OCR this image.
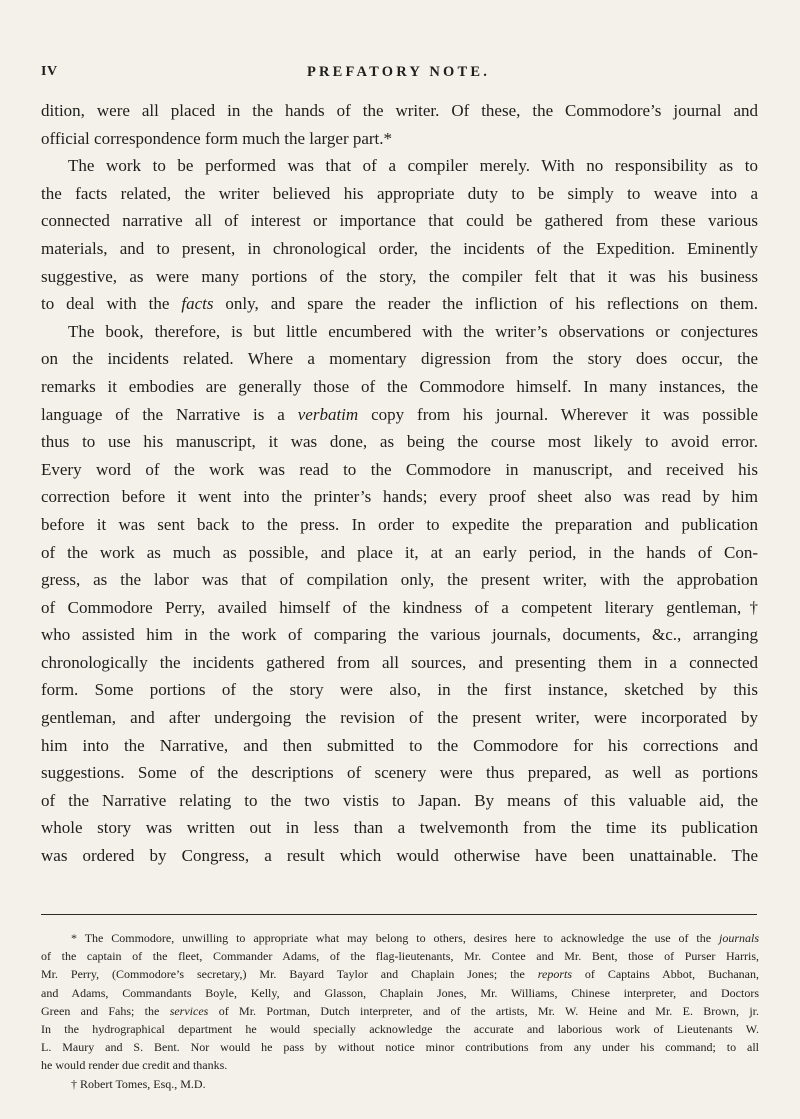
IV	PREFATORY NOTE.
dition, were all placed in the hands of the writer. Of these, the Commodore’s journal and
official correspondence form much the larger part.*
The work to be performed was that of a compiler merely. With no responsibility as to
the facts related, the writer believed his appropriate duty to be simply to weave into a
connected narrative all of interest or importance that could be gathered from these various
materials, and to present, in chronological order, the incidents of the Expedition. Eminently
suggestive, as were many portions of the story, the compiler felt that it was his business
to deal with the facts only, and spare the reader the infliction of his reflections on them.
The book, therefore, is but little encumbered with the writer’s observations or conjectures
on the incidents related. Where a momentary digression from the story does occur, the
remarks it embodies are generally those of the Commodore himself. In many instances, the
language of the Narrative is a verbatim copy from his journal. Wherever it was possible
thus to use his manuscript, it was done, as being the course most likely to avoid error.
Every word of the work was read to the Commodore in manuscript, and received his
correction before it went into the printer’s hands; every proof sheet also was read by him
before it was sent back to the press. In order to expedite the preparation and publication
of the work as much as possible, and place it, at an early period, in the hands of Con-
gress, as the labor was that of compilation only, the present writer, with the approbation
of Commodore Perry, availed himself of the kindness of a competent literary gentleman,†
who assisted him in the work of comparing the various journals, documents, &c., arranging
chronologically the incidents gathered from all sources, and presenting them in a connected
form. Some portions of the story were also, in the first instance, sketched by this
gentleman, and after undergoing the revision of the present writer, were incorporated by
him into the Narrative, and then submitted to the Commodore for his corrections and
suggestions. Some of the descriptions of scenery were thus prepared, as well as portions
of the Narrative relating to the two vistis to Japan. By means of this valuable aid, the
whole story was written out in less than a twelvemonth from the time its publication
was ordered by Congress, a result which would otherwise have been unattainable. The
* The Commodore, unwilling to appropriate what may belong to others, desires here to acknowledge the use of the journals
of the captain of the fleet, Commander Adams, of the flag-lieutenants, Mr. Contee and Mr. Bent, those of Purser Harris,
Mr. Perry, (Commodore’s secretary,) Mr. Bayard Taylor and Chaplain Jones; the reports of Captains Abbot, Buchanan,
and Adams, Commandants Boyle, Kelly, and Glasson, Chaplain Jones, Mr. Williams, Chinese interpreter, and Doctors
Green and Fahs; the services of Mr. Portman, Dutch interpreter, and of the artists, Mr. W. Heine and Mr. E. Brown, jr.
In the hydrographical department he would specially acknowledge the accurate and laborious work of Lieutenants W.
L. Maury and S. Bent. Nor would he pass by without notice minor contributions from any under his command; to all
he would render due credit and thanks.
† Robert Tomes, Esq., M.D.
